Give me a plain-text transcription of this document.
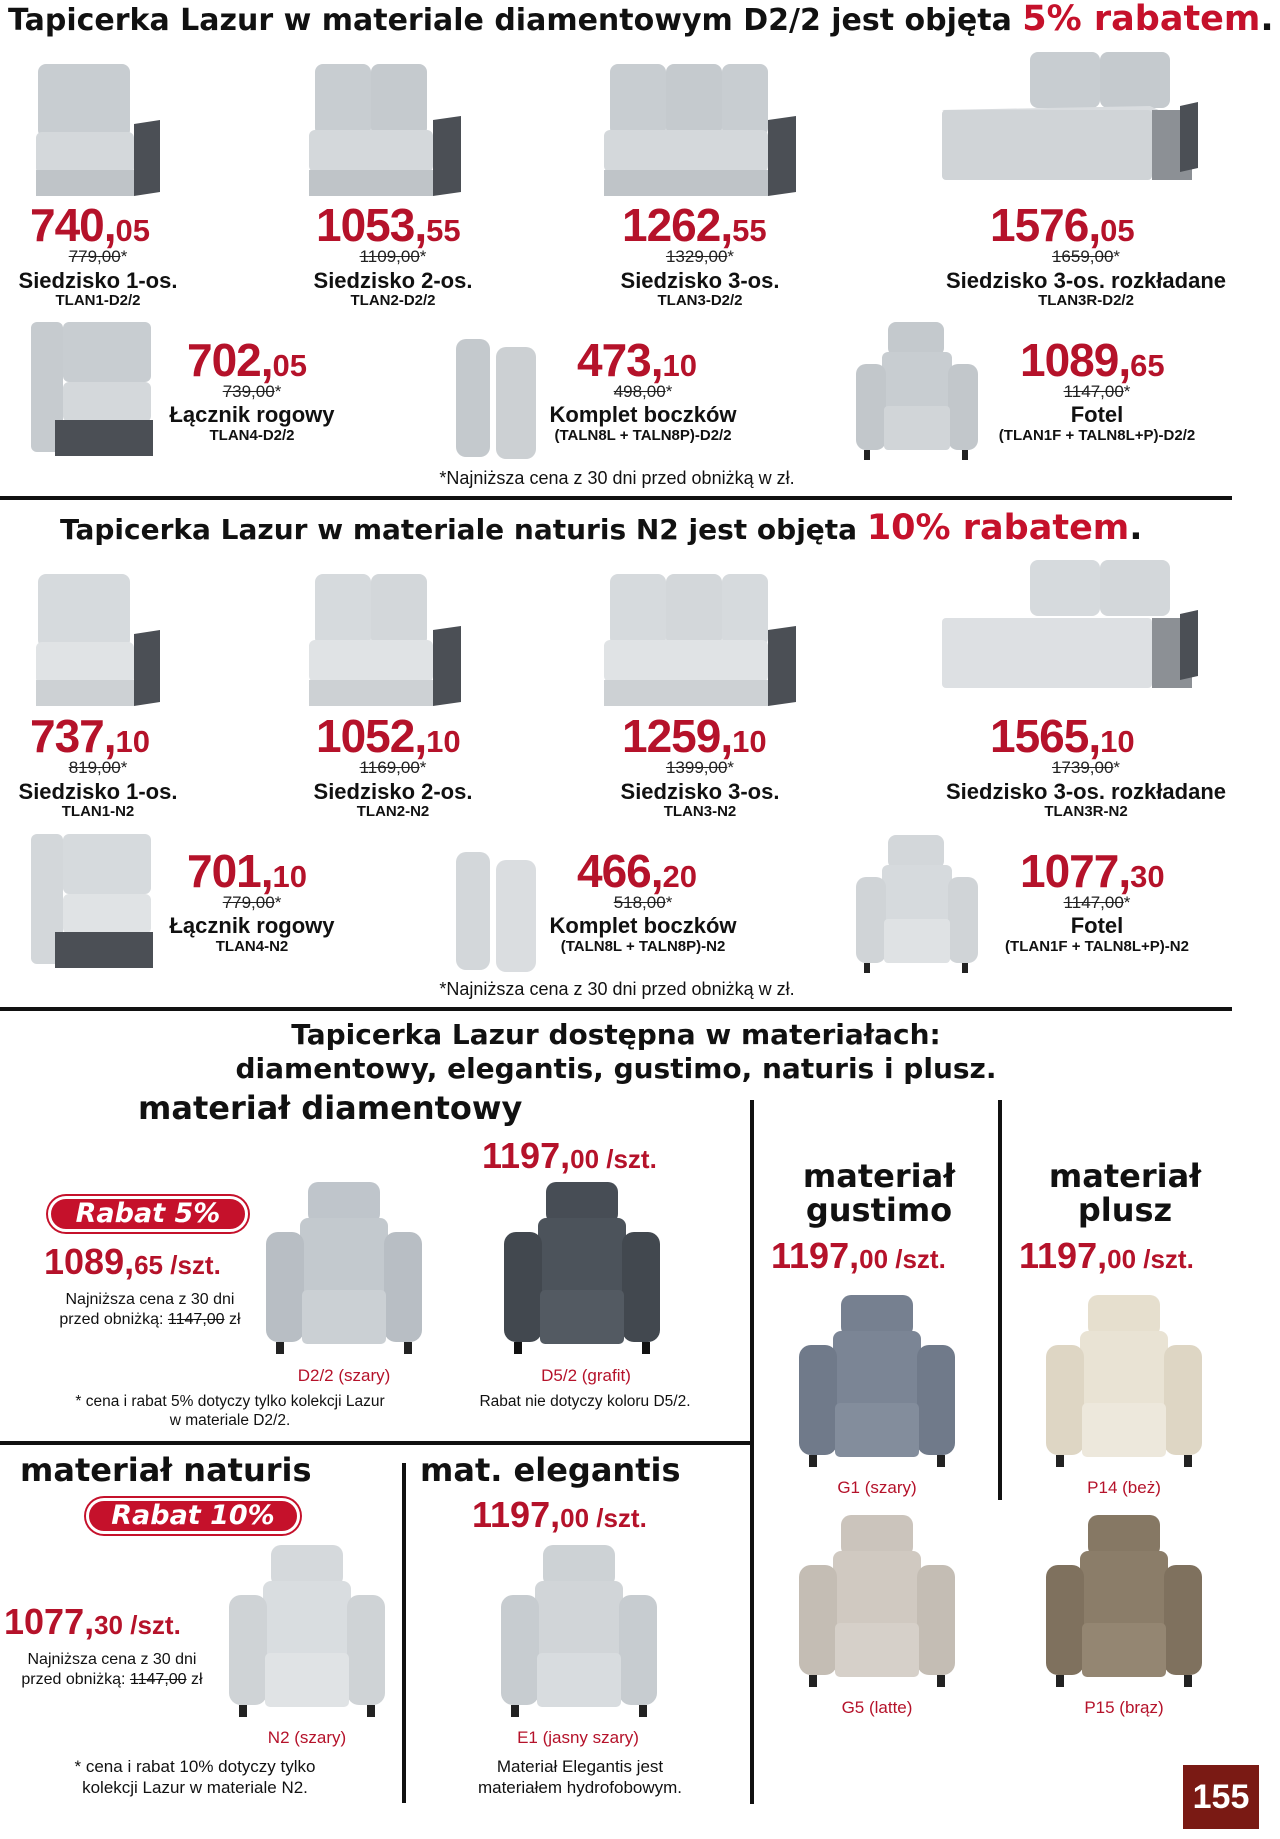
Tapicerka Lazur w materiale diamentowym D2/2 jest objęta 5% rabatem.
740,05
779,00*
Siedzisko 1-os.
TLAN1-D2/2
1053,55
1109,00*
Siedzisko 2-os.
TLAN2-D2/2
1262,55
1329,00*
Siedzisko 3-os.
TLAN3-D2/2
1576,05
1659,00*
Siedzisko 3-os. rozkładane
TLAN3R-D2/2
702,05
739,00*
Łącznik rogowy
TLAN4-D2/2
473,10
498,00*
Komplet boczków
(TALN8L + TALN8P)-D2/2
1089,65
1147,00*
Fotel
(TLAN1F + TALN8L+P)-D2/2
*Najniższa cena z 30 dni przed obniżką w zł.
Tapicerka Lazur w materiale naturis N2 jest objęta 10% rabatem.
737,10
819,00*
Siedzisko 1-os.
TLAN1-N2
1052,10
1169,00*
Siedzisko 2-os.
TLAN2-N2
1259,10
1399,00*
Siedzisko 3-os.
TLAN3-N2
1565,10
1739,00*
Siedzisko 3-os. rozkładane
TLAN3R-N2
701,10
779,00*
Łącznik rogowy
TLAN4-N2
466,20
518,00*
Komplet boczków
(TALN8L + TALN8P)-N2
1077,30
1147,00*
Fotel
(TLAN1F + TALN8L+P)-N2
*Najniższa cena z 30 dni przed obniżką w zł.
Tapicerka Lazur dostępna w materiałach:
diamentowy, elegantis, gustimo, naturis i plusz.
materiał diamentowy
1197,00 /szt.
Rabat 5%
1089,65 /szt.
Najniższa cena z 30 dni
przed obniżką: 1147,00 zł
D2/2 (szary)	D5/2 (grafit)
* cena i rabat 5% dotyczy tylko kolekcji Lazur
w materiale D2/2.
Rabat nie dotyczy koloru D5/2.
materiał
gustimo
1197,00 /szt.
materiał
plusz
1197,00 /szt.
G1 (szary)	P14 (beż)
G5 (latte)	P15 (brąz)
materiał naturis
Rabat 10%
1077,30 /szt.
Najniższa cena z 30 dni
przed obniżką: 1147,00 zł
N2 (szary)
* cena i rabat 10% dotyczy tylko
kolekcji Lazur w materiale N2.
mat. elegantis
1197,00 /szt.
E1 (jasny szary)
Materiał Elegantis jest
materiałem hydrofobowym.	155
